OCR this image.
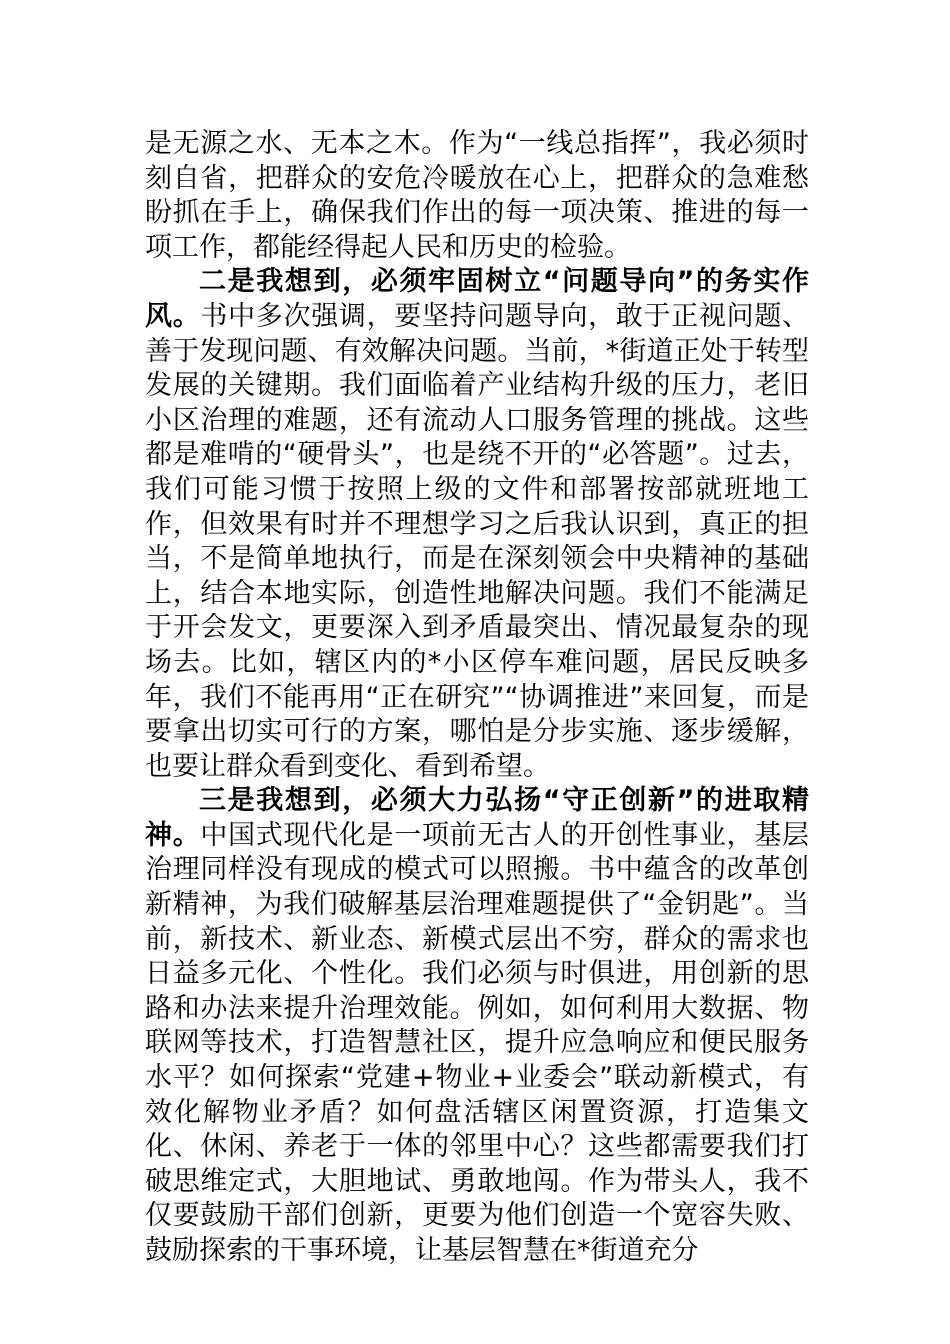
是无源之水、无本之木。作为“一线总指挥”，我必须时刻自省，把群众的安危冷暖放在心上，把群众的急难愁盼抓在手上，确保我们作出的每一项决策、推进的每一项工作，都能经得起人民和历史的检验。

二是我想到，必须牢固树立“问题导向”的务实作风。书中多次强调，要坚持问题导向，敢于正视问题、善于发现问题、有效解决问题。当前，*街道正处于转型发展的关键期。我们面临着产业结构升级的压力，老旧小区治理的难题，还有流动人口服务管理的挑战。这些都是难啃的“硬骨头”，也是绕不开的“必答题”。过去，我们可能习惯于按照上级的文件和部署按部就班地工作，但效果有时并不理想学习之后我认识到，真正的担当，不是简单地执行，而是在深刻领会中央精神的基础上，结合本地实际，创造性地解决问题。我们不能满足于开会发文，更要深入到矛盾最突出、情况最复杂的现场去。比如，辖区内的*小区停车难问题，居民反映多年，我们不能再用“正在研究”“协调推进”来回复，而是要拿出切实可行的方案，哪怕是分步实施、逐步缓解，也要让群众看到变化、看到希望。

三是我想到，必须大力弘扬“守正创新”的进取精神。中国式现代化是一项前无古人的开创性事业，基层治理同样没有现成的模式可以照搬。书中蕴含的改革创新精神，为我们破解基层治理难题提供了“金钥匙”。当前，新技术、新业态、新模式层出不穷，群众的需求也日益多元化、个性化。我们必须与时俱进，用创新的思路和办法来提升治理效能。例如，如何利用大数据、物联网等技术，打造智慧社区，提升应急响应和便民服务水平？如何探索“党建+物业+业委会”联动新模式，有效化解物业矛盾？如何盘活辖区闲置资源，打造集文化、休闲、养老于一体的邻里中心？这些都需要我们打破思维定式，大胆地试、勇敢地闯。作为带头人，我不仅要鼓励干部们创新，更要为他们创造一个宽容失败、鼓励探索的干事环境，让基层智慧在*街道充分
